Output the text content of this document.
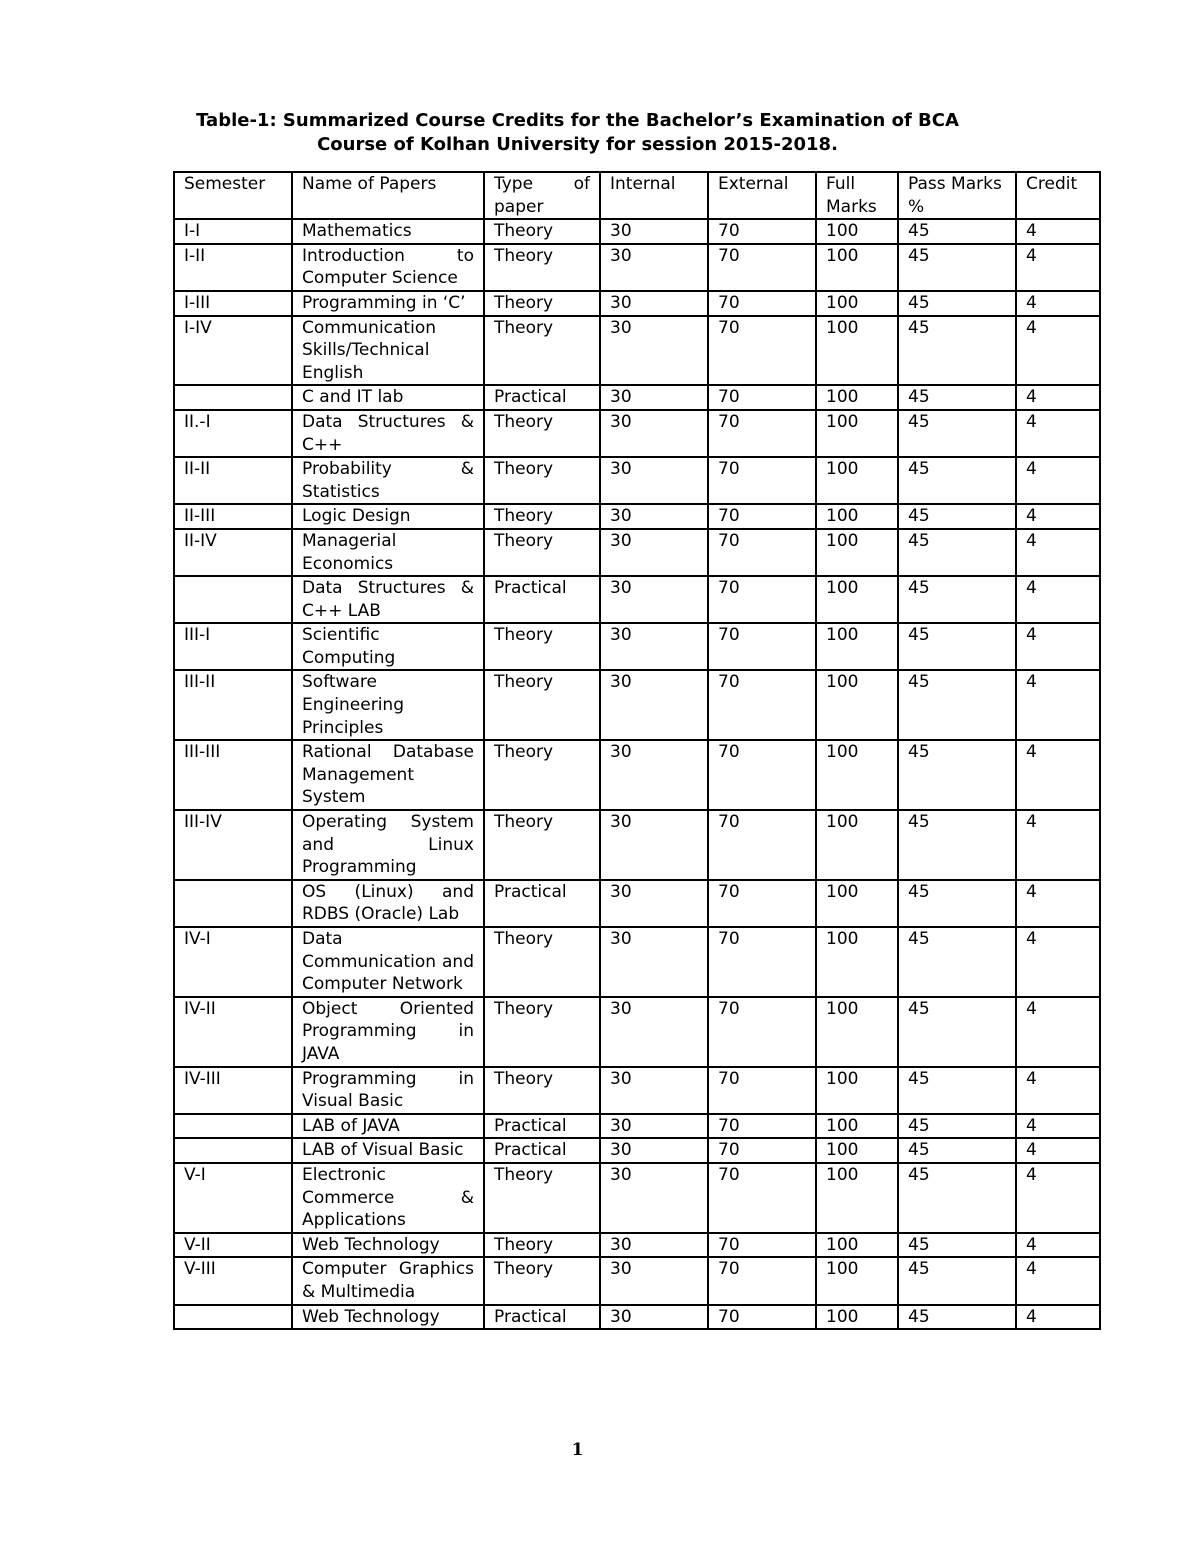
Table-1: Summarized Course Credits for the Bachelor’s Examination of BCA
Course of Kolhan University for session 2015-2018.
Semester	Name of Papers	Type of paper	Internal	External	Full Marks	Pass Marks %	Credit
I-I	Mathematics	Theory	30	70	100	45	4
I-II	Introduction to Computer Science	Theory	30	70	100	45	4
I-III	Programming in ‘C’	Theory	30	70	100	45	4
I-IV	Communication Skills/Technical English	Theory	30	70	100	45	4
	C and IT lab	Practical	30	70	100	45	4
II.-I	Data Structures & C++	Theory	30	70	100	45	4
II-II	Probability & Statistics	Theory	30	70	100	45	4
II-III	Logic Design	Theory	30	70	100	45	4
II-IV	Managerial Economics	Theory	30	70	100	45	4
	Data Structures & C++ LAB	Practical	30	70	100	45	4
III-I	Scientific Computing	Theory	30	70	100	45	4
III-II	Software Engineering Principles	Theory	30	70	100	45	4
III-III	Rational Database Management System	Theory	30	70	100	45	4
III-IV	Operating System and Linux Programming	Theory	30	70	100	45	4
	OS (Linux) and RDBS (Oracle) Lab	Practical	30	70	100	45	4
IV-I	Data Communication and Computer Network	Theory	30	70	100	45	4
IV-II	Object Oriented Programming in JAVA	Theory	30	70	100	45	4
IV-III	Programming in Visual Basic	Theory	30	70	100	45	4
	LAB of JAVA	Practical	30	70	100	45	4
	LAB of Visual Basic	Practical	30	70	100	45	4
V-I	Electronic Commerce & Applications	Theory	30	70	100	45	4
V-II	Web Technology	Theory	30	70	100	45	4
V-III	Computer Graphics & Multimedia	Theory	30	70	100	45	4
	Web Technology	Practical	30	70	100	45	4
1
